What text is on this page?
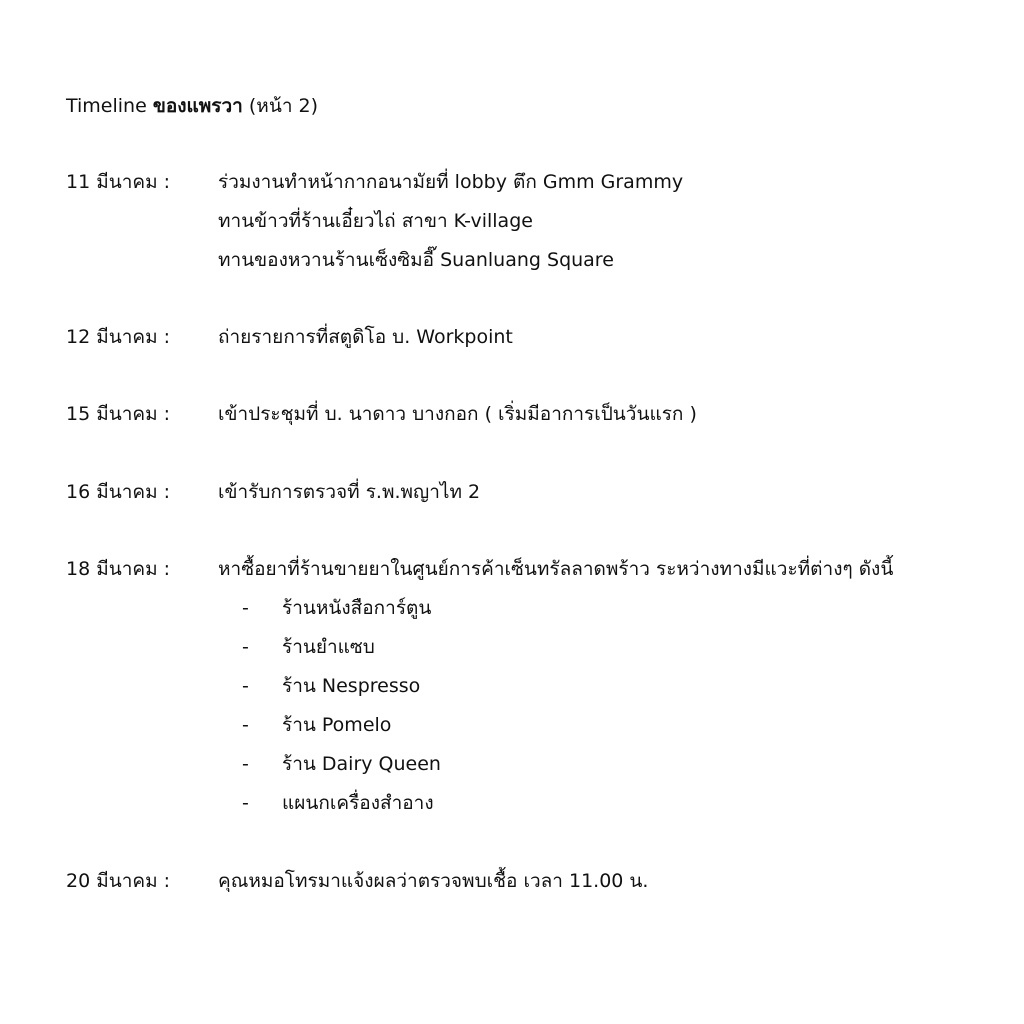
Timeline ของแพรวา (หน้า 2)
11 มีนาคม :	ร่วมงานทำหน้ากากอนามัยที่ lobby ตึก Gmm Grammy
ทานข้าวที่ร้านเอี๋ยวไถ่ สาขา K-village
ทานของหวานร้านเซ็งซิมอี๊ Suanluang Square
12 มีนาคม :	ถ่ายรายการที่สตูดิโอ บ. Workpoint
15 มีนาคม :	เข้าประชุมที่ บ. นาดาว บางกอก ( เริ่มมีอาการเป็นวันแรก )
16 มีนาคม :	เข้ารับการตรวจที่ ร.พ.พญาไท 2
18 มีนาคม :	หาซื้อยาที่ร้านขายยาในศูนย์การค้าเซ็นทรัลลาดพร้าว ระหว่างทางมีแวะที่ต่างๆ ดังนี้
- ร้านหนังสือการ์ตูน
- ร้านยำแซบ
- ร้าน Nespresso
- ร้าน Pomelo
- ร้าน Dairy Queen
- แผนกเครื่องสำอาง
20 มีนาคม :	คุณหมอโทรมาแจ้งผลว่าตรวจพบเชื้อ เวลา 11.00 น.
